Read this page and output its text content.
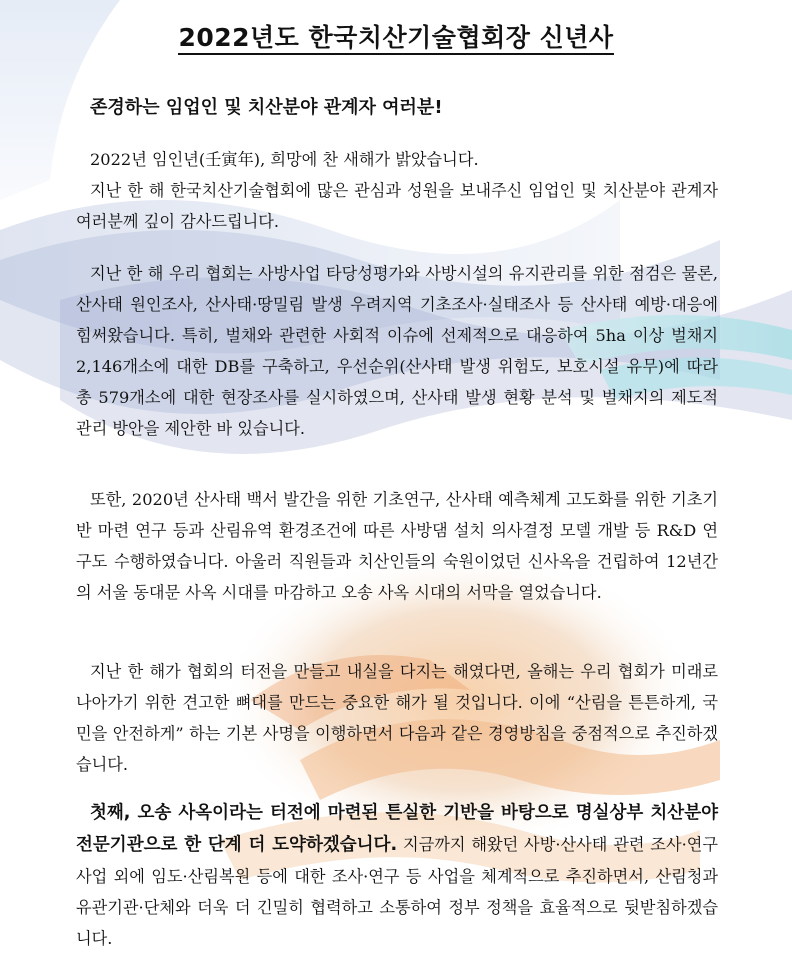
2022년도 한국치산기술협회장 신년사
존경하는 임업인 및 치산분야 관계자 여러분!
2022년 임인년(壬寅年), 희망에 찬 새해가 밝았습니다.
지난 한 해 한국치산기술협회에 많은 관심과 성원을 보내주신 임업인 및 치산분야 관계자 여러분께 깊이 감사드립니다.

지난 한 해 우리 협회는 사방사업 타당성평가와 사방시설의 유지관리를 위한 점검은 물론, 산사태 원인조사, 산사태·땅밀림 발생 우려지역 기초조사·실태조사 등 산사태 예방·대응에 힘써왔습니다. 특히, 벌채와 관련한 사회적 이슈에 선제적으로 대응하여 5ha 이상 벌채지 2,146개소에 대한 DB를 구축하고, 우선순위(산사태 발생 위험도, 보호시설 유무)에 따라 총 579개소에 대한 현장조사를 실시하였으며, 산사태 발생 현황 분석 및 벌채지의 제도적 관리 방안을 제안한 바 있습니다.

또한, 2020년 산사태 백서 발간을 위한 기초연구, 산사태 예측체계 고도화를 위한 기초기반 마련 연구 등과 산림유역 환경조건에 따른 사방댐 설치 의사결정 모델 개발 등 R&D 연구도 수행하였습니다. 아울러 직원들과 치산인들의 숙원이었던 신사옥을 건립하여 12년간의 서울 동대문 사옥 시대를 마감하고 오송 사옥 시대의 서막을 열었습니다.

지난 한 해가 협회의 터전을 만들고 내실을 다지는 해였다면, 올해는 우리 협회가 미래로 나아가기 위한 견고한 뼈대를 만드는 중요한 해가 될 것입니다. 이에 “산림을 튼튼하게, 국민을 안전하게” 하는 기본 사명을 이행하면서 다음과 같은 경영방침을 중점적으로 추진하겠습니다.

첫째, 오송 사옥이라는 터전에 마련된 튼실한 기반을 바탕으로 명실상부 치산분야 전문기관으로 한 단계 더 도약하겠습니다. 지금까지 해왔던 사방·산사태 관련 조사·연구사업 외에 임도·산림복원 등에 대한 조사·연구 등 사업을 체계적으로 추진하면서, 산림청과 유관기관·단체와 더욱 더 긴밀히 협력하고 소통하여 정부 정책을 효율적으로 뒷받침하겠습니다.
